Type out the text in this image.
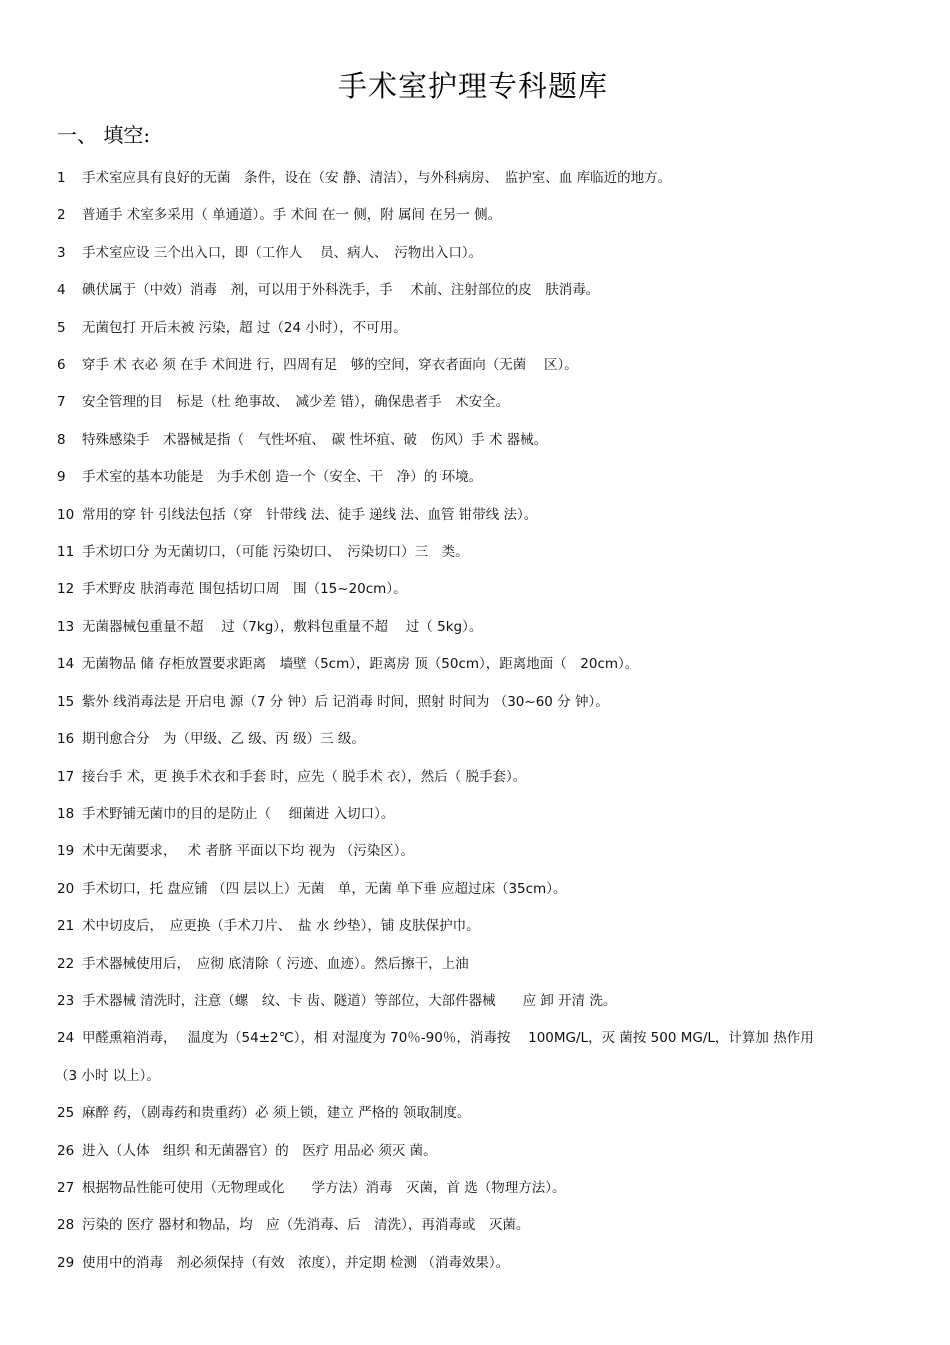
手术室护理专科题库
一、 填空:
1	手术室应具有良好的无菌　条件，设在（安 静、清洁），与外科病房、　监护室、血 库临近的地方。
2	普通手 术室多采用（ 单通道）。手 术间 在一 侧，附 属间 在另一 侧。
3	手术室应设 三个出入口，即（工作人　 员、病人、　污物出入口）。
4	碘伏属于（中效）消毒　剂，可以用于外科洗手，手　 术前、注射部位的皮　肤消毒。
5	无菌包打 开后未被 污染，超 过（24 小时），不可用。
6	穿手 术 衣必 须 在手 术间进 行，四周有足　够的空间，穿衣者面向（无菌　 区）。
7	安全管理的目　标是（杜 绝事故、　减少差 错），确保患者手　术安全。
8	特殊感染手　术器械是指（　气性坏疽、　碳 性坏疽、破　伤风）手 术 器械。
9	手术室的基本功能是　为手术创 造一个（安全、干　净）的 环境。
10 常用的穿 针 引线法包括（穿　针带线 法、徒手 递线 法、血管 钳带线 法）。
11 手术切口分 为无菌切口，（可能 污染切口、　污染切口）三　类。
12 手术野皮 肤消毒范 围包括切口周　围（15~20cm）。
13 无菌器械包重量不超　 过（7kg），敷料包重量不超　 过（ 5kg）。
14 无菌物品 储 存柜放置要求距离　墙壁（5cm），距离房 顶（50cm），距离地面（　20cm）。
15 紫外 线消毒法是 开启电 源（7 分 钟）后 记消毒 时间，照射 时间为 （30~60 分 钟）。
16 期刊愈合分　为（甲级、乙 级、丙 级）三 级。
17 接台手 术，更 换手术衣和手套 时，应先（ 脱手术 衣），然后（ 脱手套）。
18 手术野铺无菌巾的目的是防止（　 细菌进 入切口）。
19 术中无菌要求，　 术 者脐 平面以下均 视为 （污染区）。
20 手术切口，托 盘应铺 （四 层以上）无菌　单，无菌 单下垂 应超过床（35cm）。
21 术中切皮后，　应更换（手术刀片、　盐 水 纱垫），铺 皮肤保护巾。
22 手术器械使用后，　应彻 底清除（ 污迹、血迹）。然后擦干，上油
23 手术器械 清洗时，注意（螺　纹、卡 齿、隧道）等部位，大部件器械　　应 卸 开清 洗。
24 甲醛熏箱消毒，　 温度为（54±2℃），相 对湿度为 70％-90％，消毒按　 100MG/L，灭 菌按 500 MG/L，计算加 热作用
（3 小时 以上）。
25 麻醉 药，（剧毒药和贵重药）必 须上锁，建立 严格的 领取制度。
26 进入（人体　组织 和无菌器官）的　医疗 用品必 须灭 菌。
27 根据物品性能可使用（无物理或化　　学方法）消毒　灭菌，首 选（物理方法）。
28 污染的 医疗 器材和物品，均　应（先消毒、后　清洗），再消毒或　灭菌。
29 使用中的消毒　剂必须保持（有效　浓度），并定期 检测 （消毒效果）。
